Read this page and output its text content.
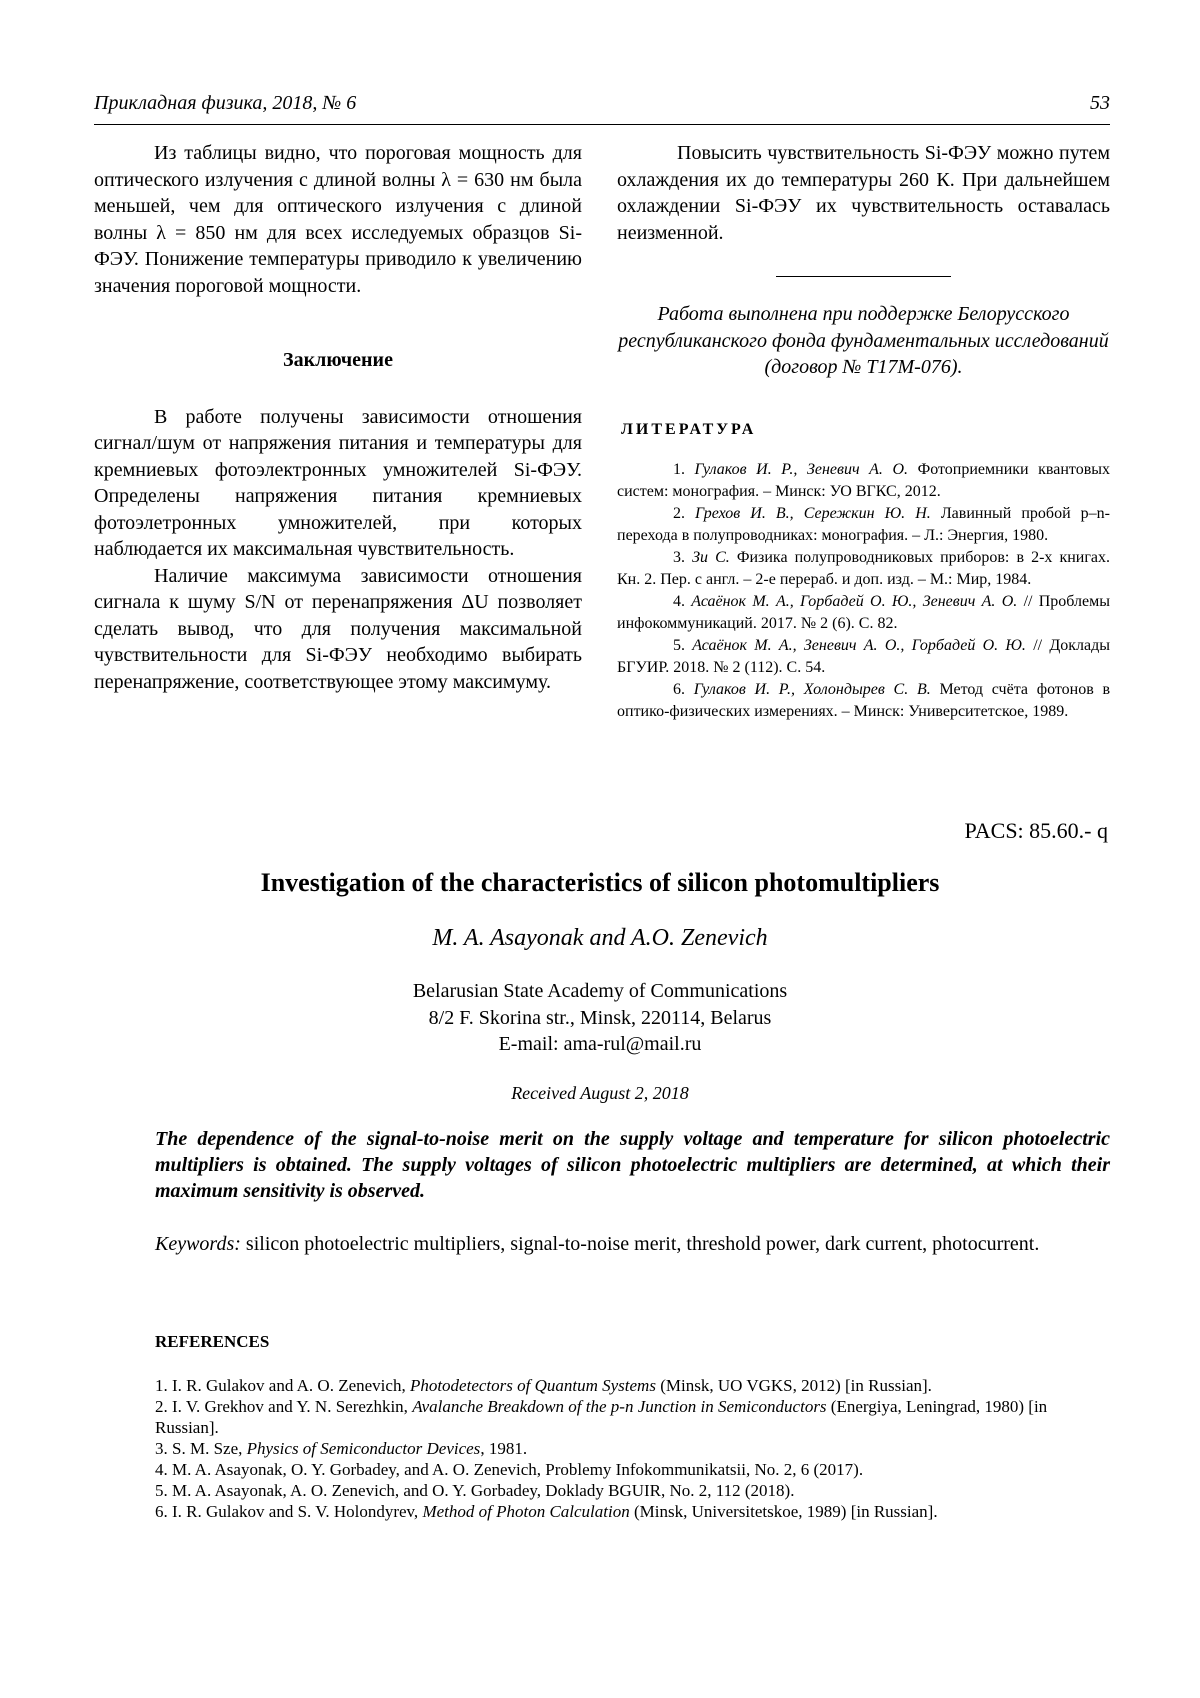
Прикладная физика, 2018, № 6	53

Из таблицы видно, что пороговая мощность для оптического излучения с длиной волны λ = 630 нм была меньшей, чем для оптического излучения с длиной волны λ = 850 нм для всех исследуемых образцов Si-ФЭУ. Понижение температуры приводило к увеличению значения пороговой мощности.

Заключение

В работе получены зависимости отношения сигнал/шум от напряжения питания и температуры для кремниевых фотоэлектронных умножителей Si-ФЭУ. Определены напряжения питания кремниевых фотоэлетронных умножителей, при которых наблюдается их максимальная чувствительность.

Наличие максимума зависимости отношения сигнала к шуму S/N от перенапряжения ΔU позволяет сделать вывод, что для получения максимальной чувствительности для Si-ФЭУ необходимо выбирать перенапряжение, соответствующее этому максимуму.

Повысить чувствительность Si-ФЭУ можно путем охлаждения их до температуры 260 К. При дальнейшем охлаждении Si-ФЭУ их чувствительность оставалась неизменной.

Работа выполнена при поддержке Белорусского республиканского фонда фундаментальных исследований (договор № Т17М-076).
ЛИТЕРАТУРА

1. Гулаков И. Р., Зеневич А. О. Фотоприемники квантовых систем: монография. – Минск: УО ВГКС, 2012.

2. Грехов И. В., Сережкин Ю. Н. Лавинный пробой p–n-перехода в полупроводниках: монография. – Л.: Энергия, 1980.

3. Зи С. Физика полупроводниковых приборов: в 2-х книгах. Кн. 2. Пер. с англ. – 2-е перераб. и доп. изд. – М.: Мир, 1984.

4. Асаёнок М. А., Горбадей О. Ю., Зеневич А. О. // Проблемы инфокоммуникаций. 2017. № 2 (6). С. 82.

5. Асаёнок М. А., Зеневич А. О., Горбадей О. Ю. // Доклады БГУИР. 2018. № 2 (112). С. 54.

6. Гулаков И. Р., Холондырев С. В. Метод счёта фотонов в оптико-физических измерениях. – Минск: Университетское, 1989.

PACS: 85.60.- q
Investigation of the characteristics of silicon photomultipliers
M. A. Asayonak and A.O. Zenevich
Belarusian State Academy of Communications
8/2 F. Skorina str., Minsk, 220114, Belarus
E-mail: ama-rul@mail.ru
Received August 2, 2018
The dependence of the signal-to-noise merit on the supply voltage and temperature for silicon photoelectric multipliers is obtained. The supply voltages of silicon photoelectric multipliers are determined, at which their maximum sensitivity is observed.
Keywords: silicon photoelectric multipliers, signal-to-noise merit, threshold power, dark current, photocurrent.
REFERENCES

1. I. R. Gulakov and A. O. Zenevich, Photodetectors of Quantum Systems (Minsk, UO VGKS, 2012) [in Russian].

2. I. V. Grekhov and Y. N. Serezhkin, Avalanche Breakdown of the p-n Junction in Semiconductors (Energiya, Leningrad, 1980) [in Russian].

3. S. M. Sze, Physics of Semiconductor Devices, 1981.

4. M. A. Asayonak, O. Y. Gorbadey, and A. O. Zenevich, Problemy Infokommunikatsii, No. 2, 6 (2017).

5. M. A. Asayonak, A. O. Zenevich, and O. Y. Gorbadey, Doklady BGUIR, No. 2, 112 (2018).

6. I. R. Gulakov and S. V. Holondyrev, Method of Photon Calculation (Minsk, Universitetskoe, 1989) [in Russian].
